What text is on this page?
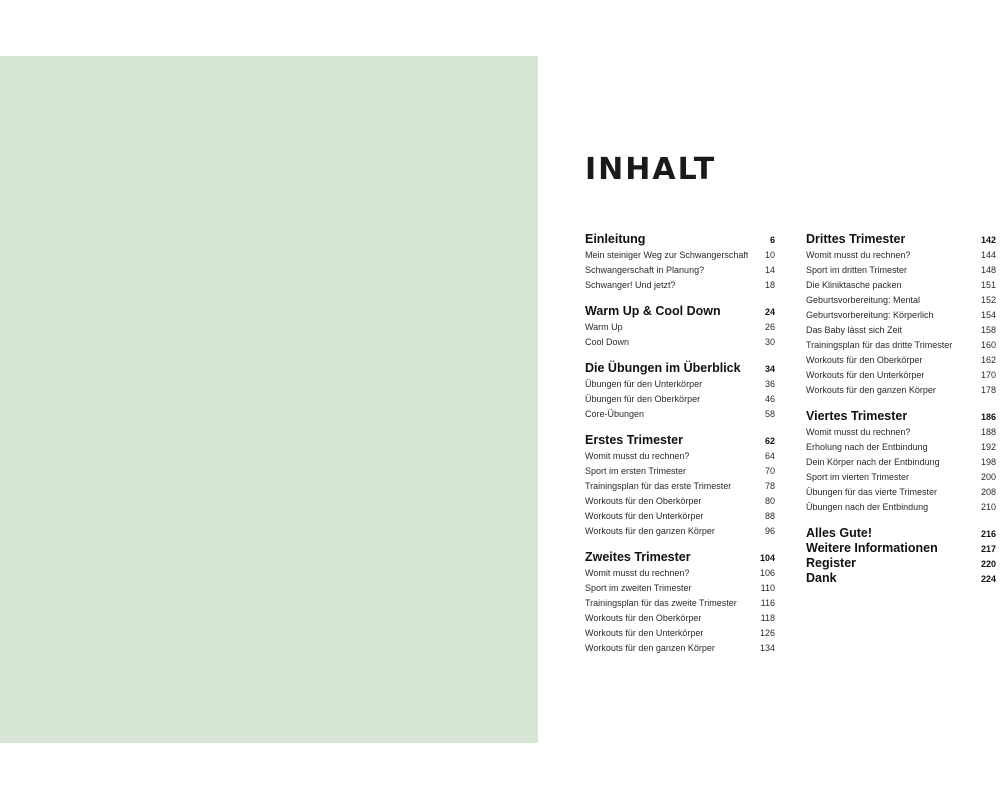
INHALT
Einleitung	6
Mein steiniger Weg zur Schwangerschaft 10
Schwangerschaft in Planung?	14
Schwanger! Und jetzt?	18
Warm Up & Cool Down	24
Warm Up	26
Cool Down	30
Die Übungen im Überblick	34
Übungen für den Unterkörper	36
Übungen für den Oberkörper	46
Core-Übungen	58
Erstes Trimester	62
Womit musst du rechnen?	64
Sport im ersten Trimester	70
Trainingsplan für das erste Trimester	78
Workouts für den Oberkörper	80
Workouts für den Unterkörper	88
Workouts für den ganzen Körper	96
Zweites Trimester	104
Womit musst du rechnen?	106
Sport im zweiten Trimester	110
Trainingsplan für das zweite Trimester	116
Workouts für den Oberkörper	118
Workouts für den Unterkörper	126
Workouts für den ganzen Körper	134
Drittes Trimester	142
Womit musst du rechnen?	144
Sport im dritten Trimester	148
Die Kliniktasche packen	151
Geburtsvorbereitung: Mental	152
Geburtsvorbereitung: Körperlich	154
Das Baby lässt sich Zeit	158
Trainingsplan für das dritte Trimester	160
Workouts für den Oberkörper	162
Workouts für den Unterkörper	170
Workouts für den ganzen Körper	178
Viertes Trimester	186
Womit musst du rechnen?	188
Erholung nach der Entbindung	192
Dein Körper nach der Entbindung	198
Sport im vierten Trimester	200
Übungen für das vierte Trimester	208
Übungen nach der Entbindung	210
Alles Gute!	216
Weitere Informationen	217
Register	220
Dank	224
